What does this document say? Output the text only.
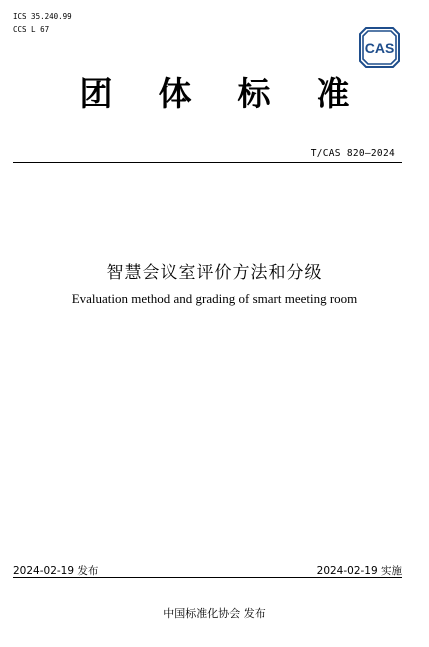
ICS 35.240.99
CCS L 67
CAS
团 体 标 准
T/CAS 820—2024
智慧会议室评价方法和分级
Evaluation method and grading of smart meeting room
2024-02-19 发布	2024-02-19 实施
中国标准化协会 发布
